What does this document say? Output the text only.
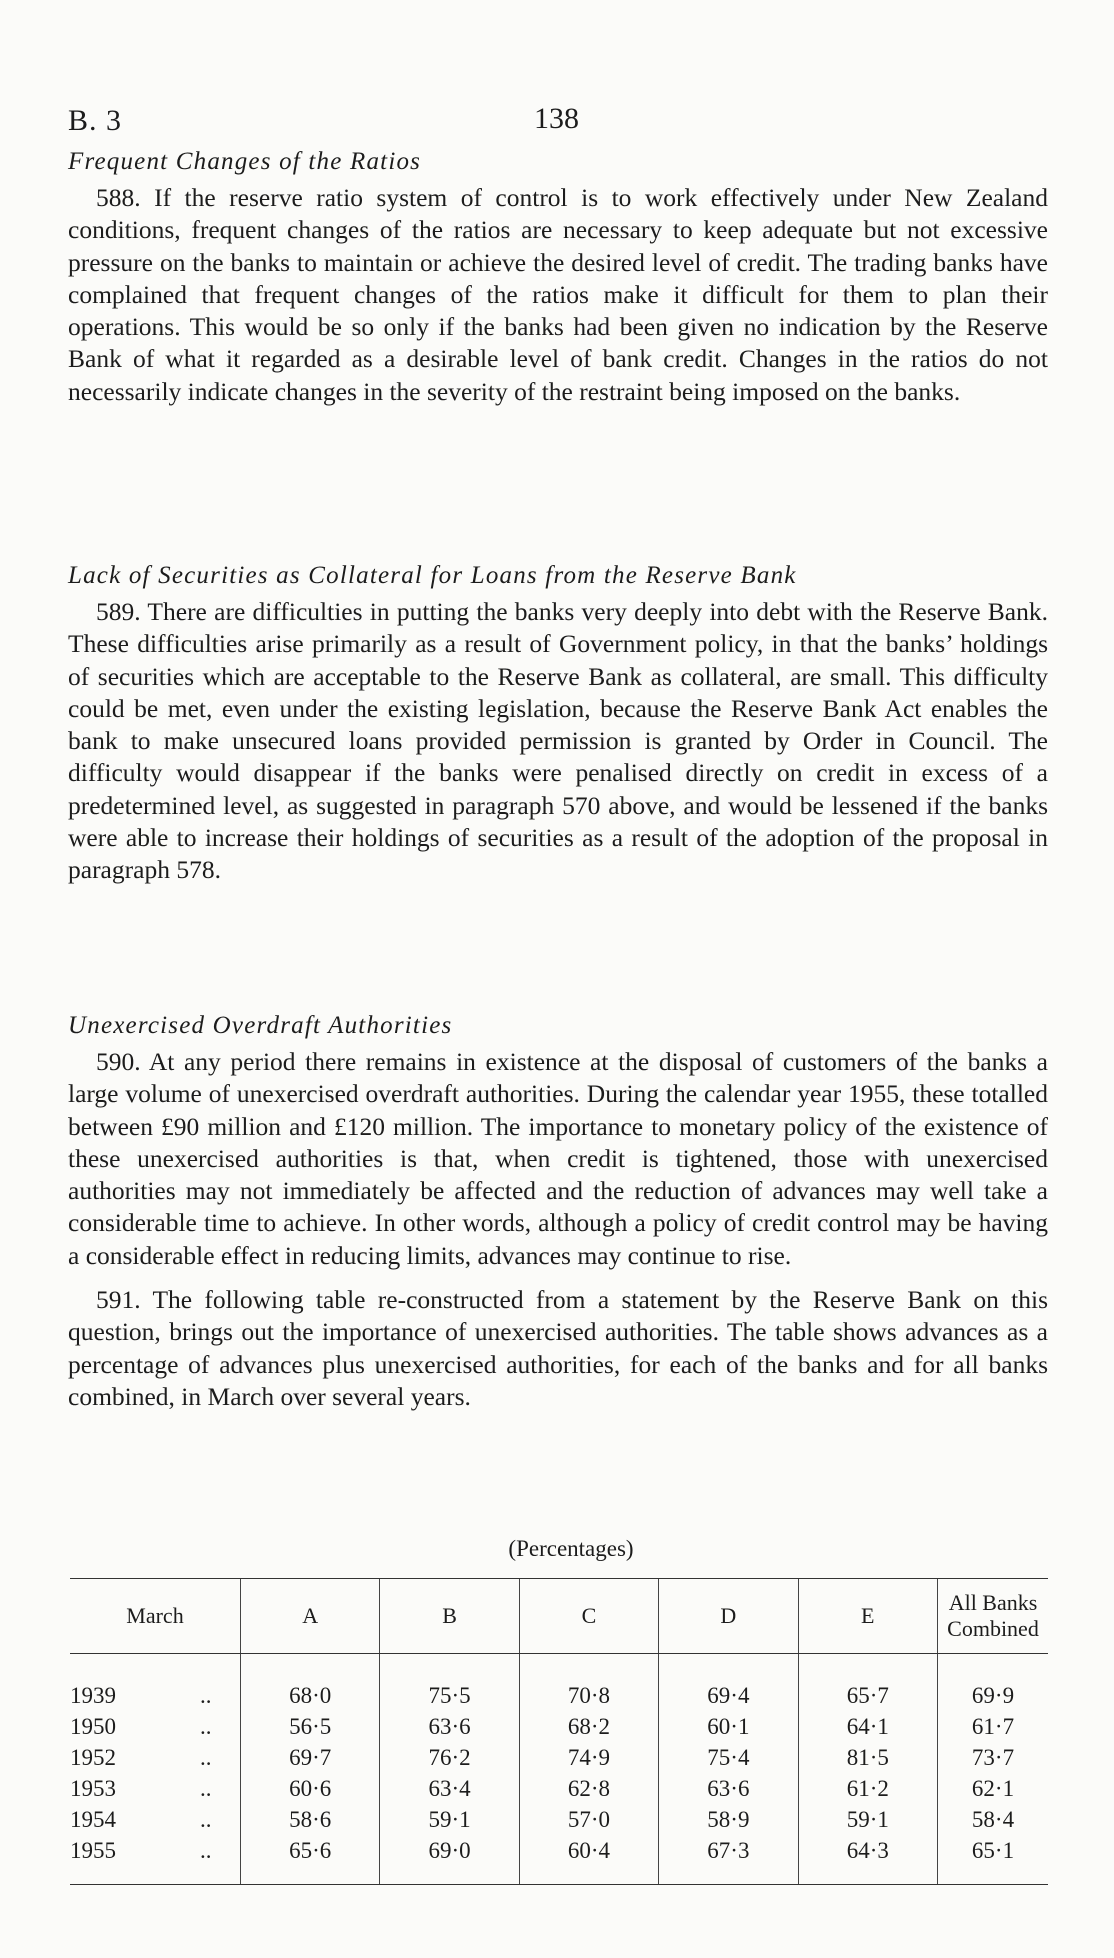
B. 3	138
Frequent Changes of the Ratios

588. If the reserve ratio system of control is to work effectively under New Zealand conditions, frequent changes of the ratios are necessary to keep adequate but not excessive pressure on the banks to maintain or achieve the desired level of credit. The trading banks have complained that frequent changes of the ratios make it difficult for them to plan their operations. This would be so only if the banks had been given no indication by the Reserve Bank of what it regarded as a desirable level of bank credit. Changes in the ratios do not necessarily indicate changes in the severity of the restraint being imposed on the banks.

Lack of Securities as Collateral for Loans from the Reserve Bank

589. There are difficulties in putting the banks very deeply into debt with the Reserve Bank. These difficulties arise primarily as a result of Government policy, in that the banks’ holdings of securities which are acceptable to the Reserve Bank as collateral, are small. This difficulty could be met, even under the existing legislation, because the Reserve Bank Act enables the bank to make unsecured loans provided permission is granted by Order in Council. The difficulty would disappear if the banks were penalised directly on credit in excess of a predetermined level, as suggested in paragraph 570 above, and would be lessened if the banks were able to increase their holdings of securities as a result of the adoption of the proposal in paragraph 578.

Unexercised Overdraft Authorities

590. At any period there remains in existence at the disposal of customers of the banks a large volume of unexercised overdraft authorities. During the calendar year 1955, these totalled between £90 million and £120 million. The importance to monetary policy of the existence of these unexercised authorities is that, when credit is tightened, those with unexercised authorities may not immediately be affected and the reduction of advances may well take a considerable time to achieve. In other words, although a policy of credit control may be having a considerable effect in reducing limits, advances may continue to rise.

591. The following table re-constructed from a statement by the Reserve Bank on this question, brings out the importance of unexercised authorities. The table shows advances as a percentage of advances plus unexercised authorities, for each of the banks and for all banks combined, in March over several years.

(Percentages)
March		A	B	C	D	E	All Banks Combined
1939	..	68·0	75·5	70·8	69·4	65·7	69·9
1950	..	56·5	63·6	68·2	60·1	64·1	61·7
1952	..	69·7	76·2	74·9	75·4	81·5	73·7
1953	..	60·6	63·4	62·8	63·6	61·2	62·1
1954	..	58·6	59·1	57·0	58·9	59·1	58·4
1955	..	65·6	69·0	60·4	67·3	64·3	65·1
